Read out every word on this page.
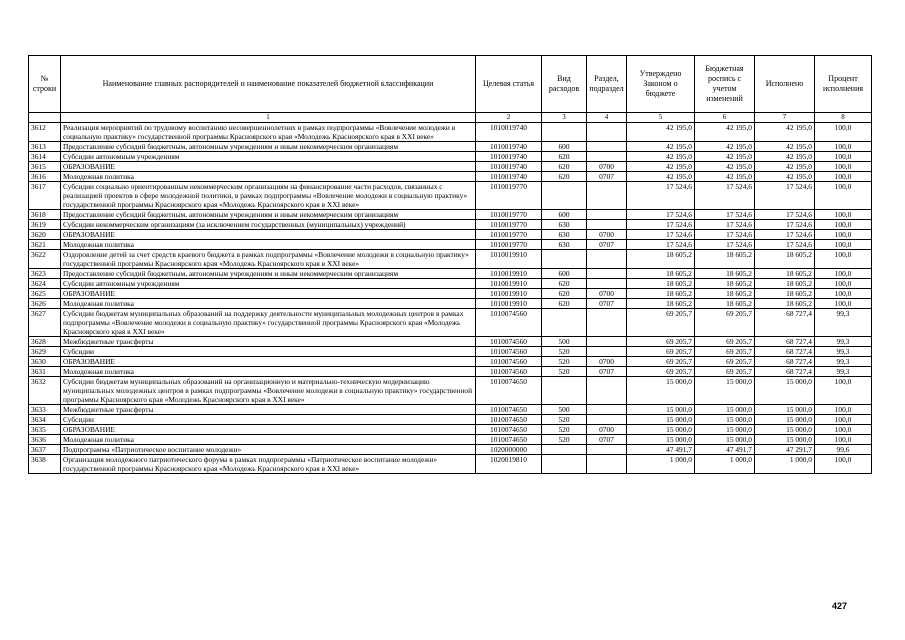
№ строки	Наименование главных распорядителей и наименование показателей бюджетной классификации	Целевая статья	Вид расходов	Раздел, подраздел	Утверждено Законом о бюджете	Бюджетная роспись с учетом изменений	Исполнено	Процент исполнения
	1	2	3	4	5	6	7	8
3612	Реализация мероприятий по трудовому воспитанию несовершеннолетних в рамках подпрограммы «Вовлечение молодежи в социальную практику» государственной программы Красноярского края «Молодежь Красноярского края в XXI веке»	1010019740			42 195,0	42 195,0	42 195,0	100,0
3613	Предоставление субсидий бюджетным, автономным учреждениям и иным некоммерческим организациям	1010019740	600		42 195,0	42 195,0	42 195,0	100,0
3614	Субсидии автономным учреждениям	1010019740	620		42 195,0	42 195,0	42 195,0	100,0
3615	ОБРАЗОВАНИЕ	1010019740	620	0700	42 195,0	42 195,0	42 195,0	100,0
3616	Молодежная политика	1010019740	620	0707	42 195,0	42 195,0	42 195,0	100,0
3617	Субсидии социально ориентированным некоммерческим организациям на финансирование части расходов, связанных с реализацией проектов в сфере молодежной политики, в рамках подпрограммы «Вовлечение молодежи в социальную практику» государственной программы Красноярского края «Молодежь Красноярского края в XXI веке»	1010019770			17 524,6	17 524,6	17 524,6	100,0
3618	Предоставление субсидий бюджетным, автономным учреждениям и иным некоммерческим организациям	1010019770	600		17 524,6	17 524,6	17 524,6	100,0
3619	Субсидии некоммерческим организациям (за исключением государственных (муниципальных) учреждений)	1010019770	630		17 524,6	17 524,6	17 524,6	100,0
3620	ОБРАЗОВАНИЕ	1010019770	630	0700	17 524,6	17 524,6	17 524,6	100,0
3621	Молодежная политика	1010019770	630	0707	17 524,6	17 524,6	17 524,6	100,0
3622	Оздоровление детей за счет средств краевого бюджета в рамках подпрограммы «Вовлечение молодежи в социальную практику» государственной программы Красноярского края «Молодежь Красноярского края в XXI веке»	1010019910			18 605,2	18 605,2	18 605,2	100,0
3623	Предоставление субсидий бюджетным, автономным учреждениям и иным некоммерческим организациям	1010019910	600		18 605,2	18 605,2	18 605,2	100,0
3624	Субсидии автономным учреждениям	1010019910	620		18 605,2	18 605,2	18 605,2	100,0
3625	ОБРАЗОВАНИЕ	1010019910	620	0700	18 605,2	18 605,2	18 605,2	100,0
3626	Молодежная политика	1010019910	620	0707	18 605,2	18 605,2	18 605,2	100,0
3627	Субсидии бюджетам муниципальных образований на поддержку деятельности муниципальных молодежных центров в рамках подпрограммы «Вовлечение молодежи в социальную практику» государственной программы Красноярского края «Молодежь Красноярского края в XXI веке»	1010074560			69 205,7	69 205,7	68 727,4	99,3
3628	Межбюджетные трансферты	1010074560	500		69 205,7	69 205,7	68 727,4	99,3
3629	Субсидии	1010074560	520		69 205,7	69 205,7	68 727,4	99,3
3630	ОБРАЗОВАНИЕ	1010074560	520	0700	69 205,7	69 205,7	68 727,4	99,3
3631	Молодежная политика	1010074560	520	0707	69 205,7	69 205,7	68 727,4	99,3
3632	Субсидии бюджетам муниципальных образований на организационную и материально-техническую модернизацию муниципальных молодежных центров в рамках подпрограммы «Вовлечение молодежи в социальную практику» государственной программы Красноярского края «Молодежь Красноярского края в XXI веке»	1010074650			15 000,0	15 000,0	15 000,0	100,0
3633	Межбюджетные трансферты	1010074650	500		15 000,0	15 000,0	15 000,0	100,0
3634	Субсидии	1010074650	520		15 000,0	15 000,0	15 000,0	100,0
3635	ОБРАЗОВАНИЕ	1010074650	520	0700	15 000,0	15 000,0	15 000,0	100,0
3636	Молодежная политика	1010074650	520	0707	15 000,0	15 000,0	15 000,0	100,0
3637	Подпрограмма «Патриотическое воспитание молодежи»	1020000000			47 491,7	47 491,7	47 291,7	99,6
3638	Организация молодежного патриотического форума в рамках подпрограммы «Патриотическое воспитание молодежи» государственной программы Красноярского края «Молодежь Красноярского края в XXI веке»	1020019810			1 000,0	1 000,0	1 000,0	100,0
427
